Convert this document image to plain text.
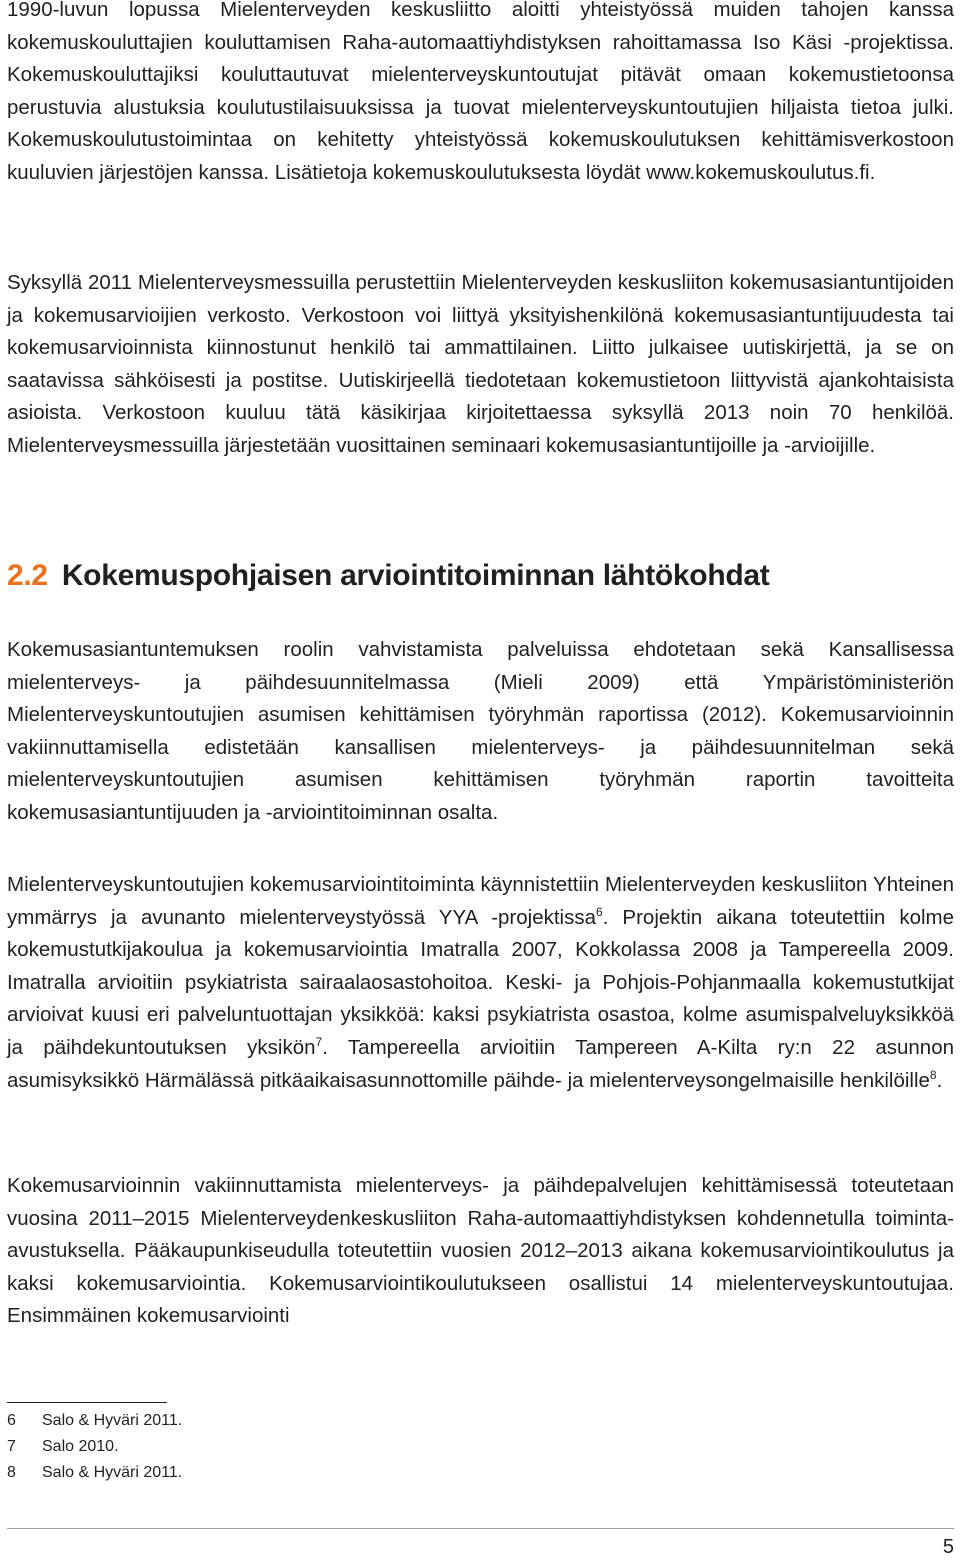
1990-luvun lopussa Mielenterveyden keskusliitto aloitti yhteistyössä muiden tahojen kanssa kokemuskouluttajien kouluttamisen Raha-automaattiyhdistyksen rahoittamassa Iso Käsi -projektissa. Kokemuskouluttajiksi kouluttautuvat mielenterveyskuntoutujat pitävät omaan kokemustietoonsa perustuvia alustuksia koulutustilaisuuksissa ja tuovat mielenterveyskuntoutujien hiljaista tietoa julki. Kokemuskoulutustoimintaa on kehitetty yhteistyössä kokemuskoulutuksen kehittämisverkostoon kuuluvien järjestöjen kanssa. Lisätietoja kokemuskoulutuksesta löydät www.kokemuskoulutus.fi.

Syksyllä 2011 Mielenterveysmessuilla perustettiin Mielenterveyden keskusliiton kokemusasiantuntijoiden ja kokemusarvioijien verkosto. Verkostoon voi liittyä yksityishenkilönä kokemusasiantuntijuudesta tai kokemusarvioinnista kiinnostunut henkilö tai ammattilainen. Liitto julkaisee uutiskirjettä, ja se on saatavissa sähköisesti ja postitse. Uutiskirjeellä tiedotetaan kokemustietoon liittyvistä ajankohtaisista asioista. Verkostoon kuuluu tätä käsikirjaa kirjoitettaessa syksyllä 2013 noin 70 henkilöä. Mielenterveysmessuilla järjestetään vuosittainen seminaari kokemusasiantuntijoille ja -arvioijille.

2.2 Kokemuspohjaisen arviointitoiminnan lähtökohdat

Kokemusasiantuntemuksen roolin vahvistamista palveluissa ehdotetaan sekä Kansallisessa mielenterveys- ja päihdesuunnitelmassa (Mieli 2009) että Ympäristöministeriön Mielenterveyskuntoutujien asumisen kehittämisen työryhmän raportissa (2012). Kokemusarvioinnin vakiinnuttamisella edistetään kansallisen mielenterveys- ja päihdesuunnitelman sekä mielenterveyskuntoutujien asumisen kehittämisen työryhmän raportin tavoitteita kokemusasiantuntijuuden ja -arviointitoiminnan osalta.

Mielenterveyskuntoutujien kokemusarviointitoiminta käynnistettiin Mielenterveyden keskusliiton Yhteinen ymmärrys ja avunanto mielenterveystyössä YYA -projektissa$^6$. Projektin aikana toteutettiin kolme kokemustutkijakoulua ja kokemusarviointia Imatralla 2007, Kokkolassa 2008 ja Tampereella 2009. Imatralla arvioitiin psykiatrista sairaalaosastohoitoa. Keski- ja Pohjois-Pohjanmaalla kokemustutkijat arvioivat kuusi eri palveluntuottajan yksikköä: kaksi psykiatrista osastoa, kolme asumispalveluyksikköä ja päihdekuntoutuksen yksikön$^7$. Tampereella arvioitiin Tampereen A-Kilta ry:n 22 asunnon asumisyksikkö Härmälässä pitkäaikaisasunnottomille päihde- ja mielenterveysongelmaisille henkilöille$^8$.

Kokemusarvioinnin vakiinnuttamista mielenterveys- ja päihdepalvelujen kehittämisessä toteutetaan vuosina 2011–2015 Mielenterveydenkeskusliiton Raha-automaattiyhdistyksen kohdennetulla toiminta-avustuksella. Pääkaupunkiseudulla toteutettiin vuosien 2012–2013 aikana kokemusarviointikoulutus ja kaksi kokemusarviointia. Kokemusarviointikoulutukseen osallistui 14 mielenterveyskuntoutujaa. Ensimmäinen kokemusarviointi

6	Salo & Hyväri 2011.
7	Salo 2010.
8	Salo & Hyväri 2011.
5
